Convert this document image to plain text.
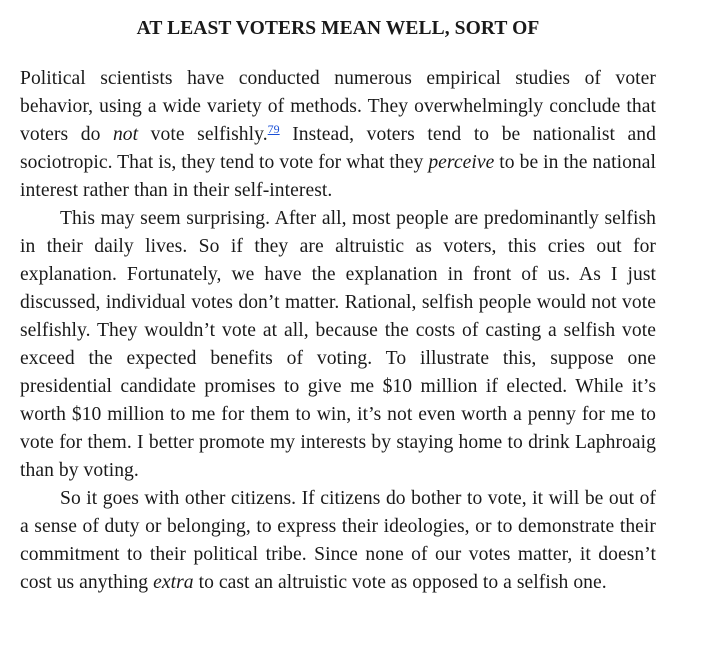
AT LEAST VOTERS MEAN WELL, SORT OF

Political scientists have conducted numerous empirical studies of voter behavior, using a wide variety of methods. They overwhelmingly conclude that voters do not vote selfishly.$^{79}$ Instead, voters tend to be nationalist and sociotropic. That is, they tend to vote for what they perceive to be in the national interest rather than in their self-interest.

This may seem surprising. After all, most people are predominantly selfish in their daily lives. So if they are altruistic as voters, this cries out for explanation. Fortunately, we have the explanation in front of us. As I just discussed, individual votes don’t matter. Rational, selfish people would not vote selfishly. They wouldn’t vote at all, because the costs of casting a selfish vote exceed the expected benefits of voting. To illustrate this, suppose one presidential candidate promises to give me $10 million if elected. While it’s worth $10 million to me for them to win, it’s not even worth a penny for me to vote for them. I better promote my interests by staying home to drink Laphroaig than by voting.

So it goes with other citizens. If citizens do bother to vote, it will be out of a sense of duty or belonging, to express their ideologies, or to demonstrate their commitment to their political tribe. Since none of our votes matter, it doesn’t cost us anything extra to cast an altruistic vote as opposed to a selfish one.
